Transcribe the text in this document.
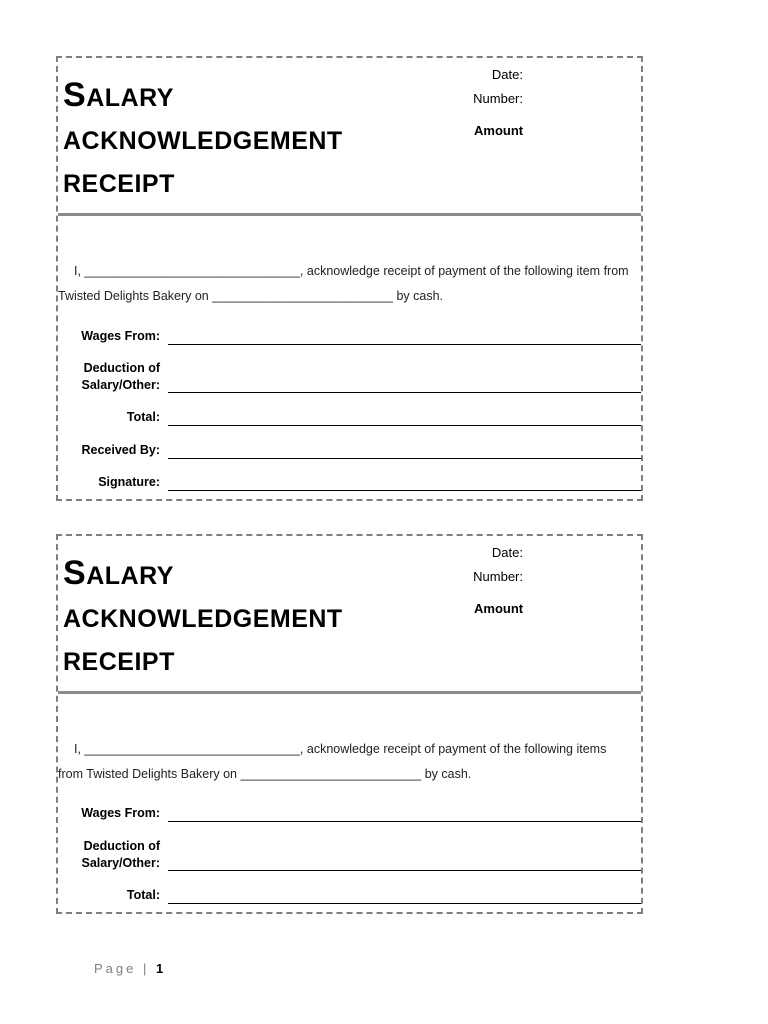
SALARY
ACKNOWLEDGEMENT
RECEIPT
Date:
Number:
Amount
I, _______________________________, acknowledge receipt of payment of the following item from
Twisted Delights Bakery on __________________________ by cash.
Wages From:
Deduction of
Salary/Other:
Total:
Received By:
Signature:
SALARY
ACKNOWLEDGEMENT
RECEIPT
Date:
Number:
Amount
I, _______________________________, acknowledge receipt of payment of the following items
from Twisted Delights Bakery on __________________________ by cash.
Wages From:
Deduction of
Salary/Other:
Total:
Page | 1
